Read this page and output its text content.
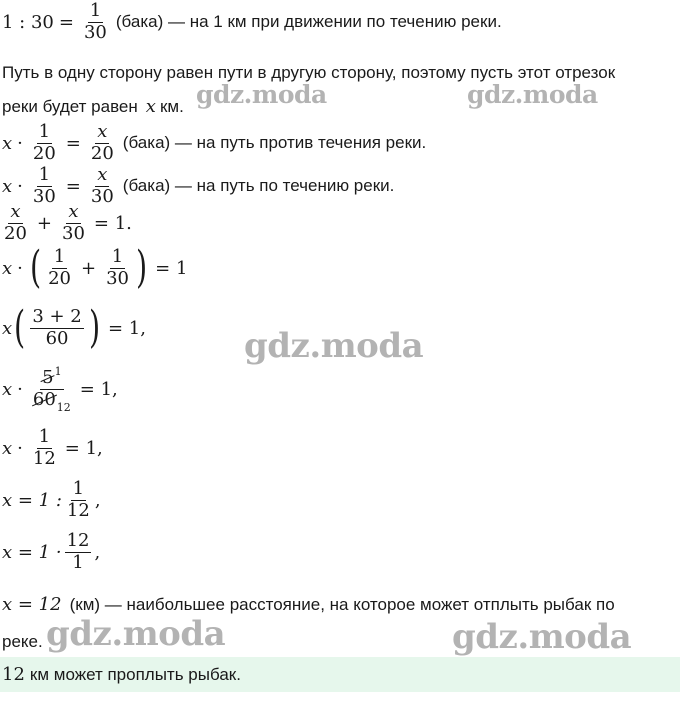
1 : $30 = \frac{1}{30}$ (бака) — на 1 км при движении по течению реки.
Путь в одну сторону равен пути в другую сторону, поэтому пусть этот отрезок
реки будет равен x км.
$x \cdot \frac{1}{20} = \frac{x}{20}$ (бака) — на путь против течения реки.
$x \cdot \frac{1}{30} = \frac{x}{30}$ (бака) — на путь по течению реки.
$\frac{x}{20} + \frac{x}{30} = 1$.
x · ( $\frac{1}{20} + \frac{1}{30}$ ) = 1
x ( $\frac{3 + 2}{60}$ ) = 1,
$x \cdot \frac{5^1}{60_{12}} = 1$,
$x \cdot \frac{1}{12} = 1$,
x = 1 : $\frac{1}{12}$ ,
$x = 1 \cdot \frac{12}{1}$ ,
x = 12 (км) — наибольшее расстояние, на которое может отплыть рыбак по
реке.
12 км может проплыть рыбак.
gdz.moda	gdz.moda
gdz.moda
gdz.moda	gdz.moda
